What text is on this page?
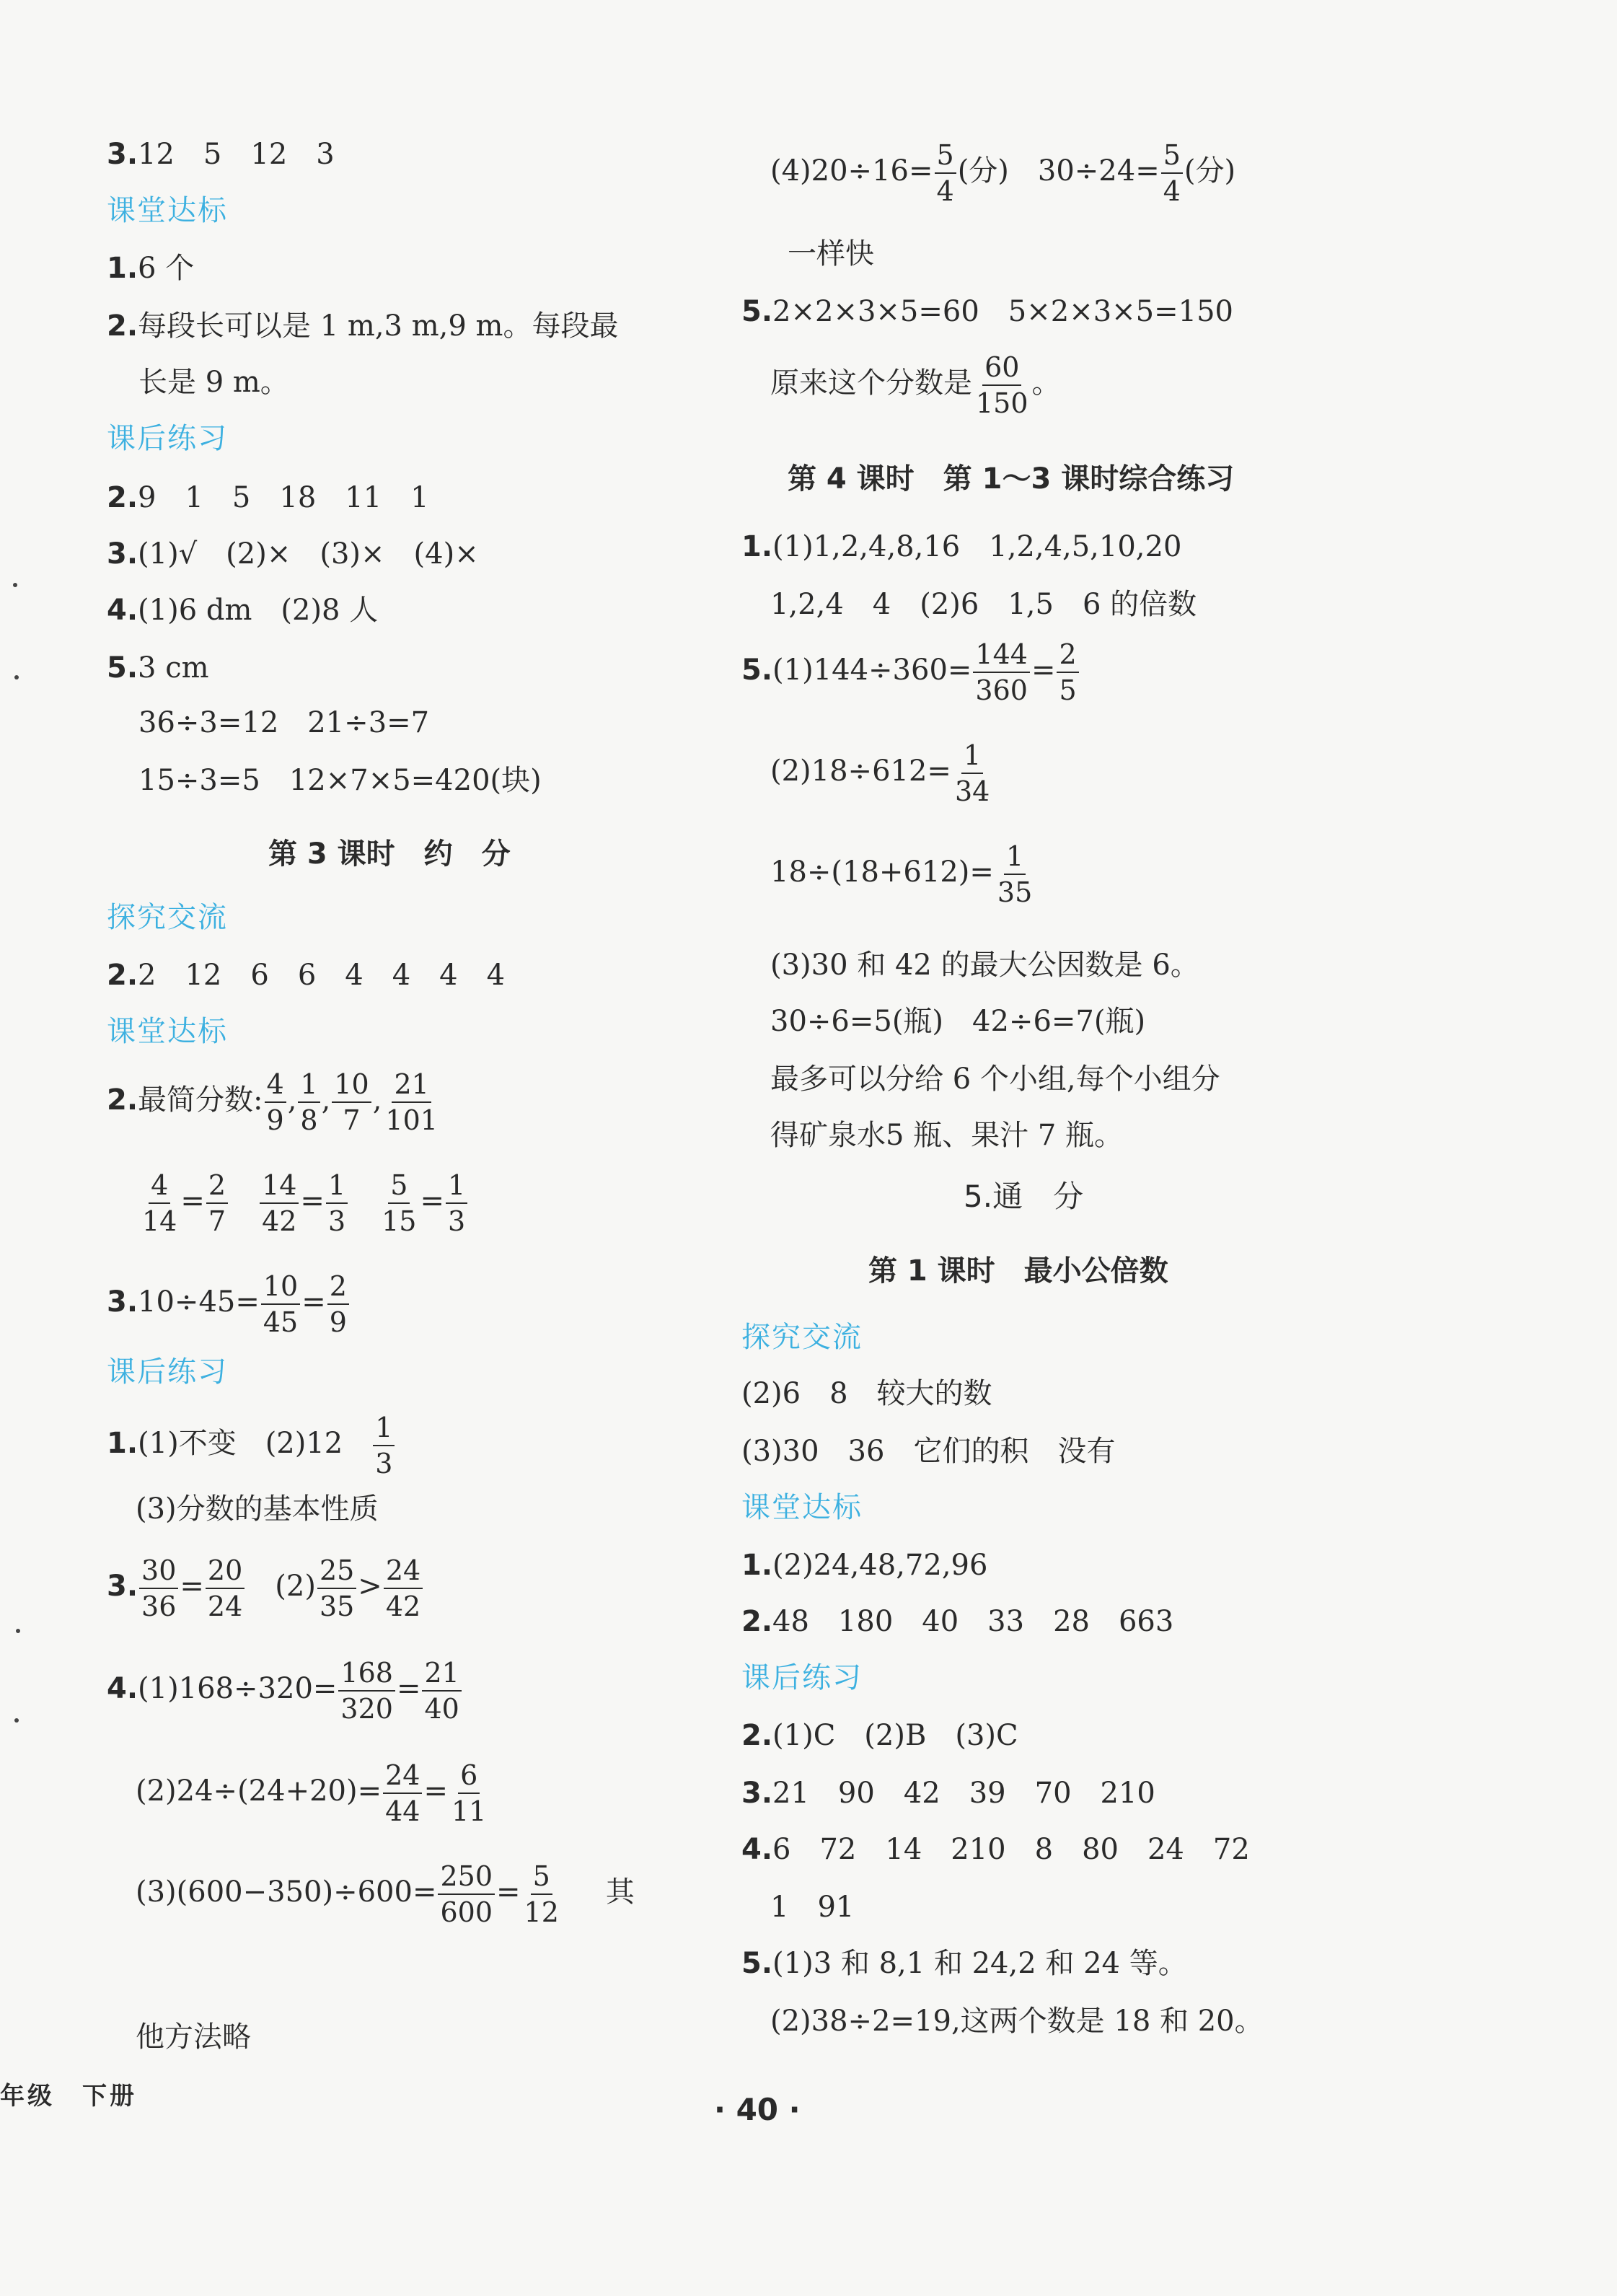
3.12　5　12　3
课堂达标
1.6 个
2.每段长可以是 1 m,3 m,9 m。每段最
长是 9 m。
课后练习
2.9　1　5　18　11　1
3.(1)√　(2)×　(3)×　(4)×
4.(1)6 dm　(2)8 人
5.3 cm
36÷3=12　21÷3=7
15÷3=5　12×7×5=420(块)
第 3 课时　约　分
探究交流
2.2　12　6　6　4　4　4　4
课堂达标
2.最简分数: $\frac{4}{9}$ , $\frac{1}{8}$ , $\frac{10}{7}$ , $\frac{21}{101}$
$\frac{4}{14} = \frac{2}{7}$
　 $\frac{14}{42} = \frac{1}{3}$
　 $\frac{5}{15} = \frac{1}{3}$
$3.10\div 45= \frac{10}{45} = \frac{2}{9}$
课后练习
1.(1)不变　(2)12　 $\frac{1}{3}$
(3)分数的基本性质
3. $\frac{30}{36} = \frac{20}{24}$ 　$(2) \frac{25}{35} > \frac{24}{42}$
$4.(1)168\div 320= \frac{168}{320} = \frac{21}{40}$
$(2)24\div(24+20)= \frac{24}{44} = \frac{6}{11}$
$(3)(600-350)\div 600= \frac{250}{600} = \frac{5}{12}$ 其
他方法略
$(4)20\div 16= \frac{5}{4}$ (分)　$30\div 24= \frac{5}{4}$ (分)
一样快
5.2×2×3×5=60　5×2×3×5=150
原来这个分数是 $\frac{60}{150}$ 。
第 4 课时　第 1～3 课时综合练习
1.(1)1,2,4,8,16　1,2,4,5,10,20
1,2,4　4　(2)6　1,5　6 的倍数
$5.(1)144\div 360= \frac{144}{360} = \frac{2}{5}$
$(2)18\div 612= \frac{1}{34}$
$18\div(18+612)= \frac{1}{35}$
(3)30 和 42 的最大公因数是 6。
30÷6=5(瓶)　42÷6=7(瓶)
最多可以分给 6 个小组,每个小组分
得矿泉水5 瓶、果汁 7 瓶。
5.通　分
第 1 课时　最小公倍数
探究交流
(2)6　8　较大的数
(3)30　36　它们的积　没有
课堂达标
1.(2)24,48,72,96
2.48　180　40　33　28　663
课后练习
2.(1)C　(2)B　(3)C
3.21　90　42　39　70　210
4.6　72　14　210　8　80　24　72
1　91
5.(1)3 和 8,1 和 24,2 和 24 等。
(2)38÷2=19,这两个数是 18 和 20。
年级　下册	· 40 ·
